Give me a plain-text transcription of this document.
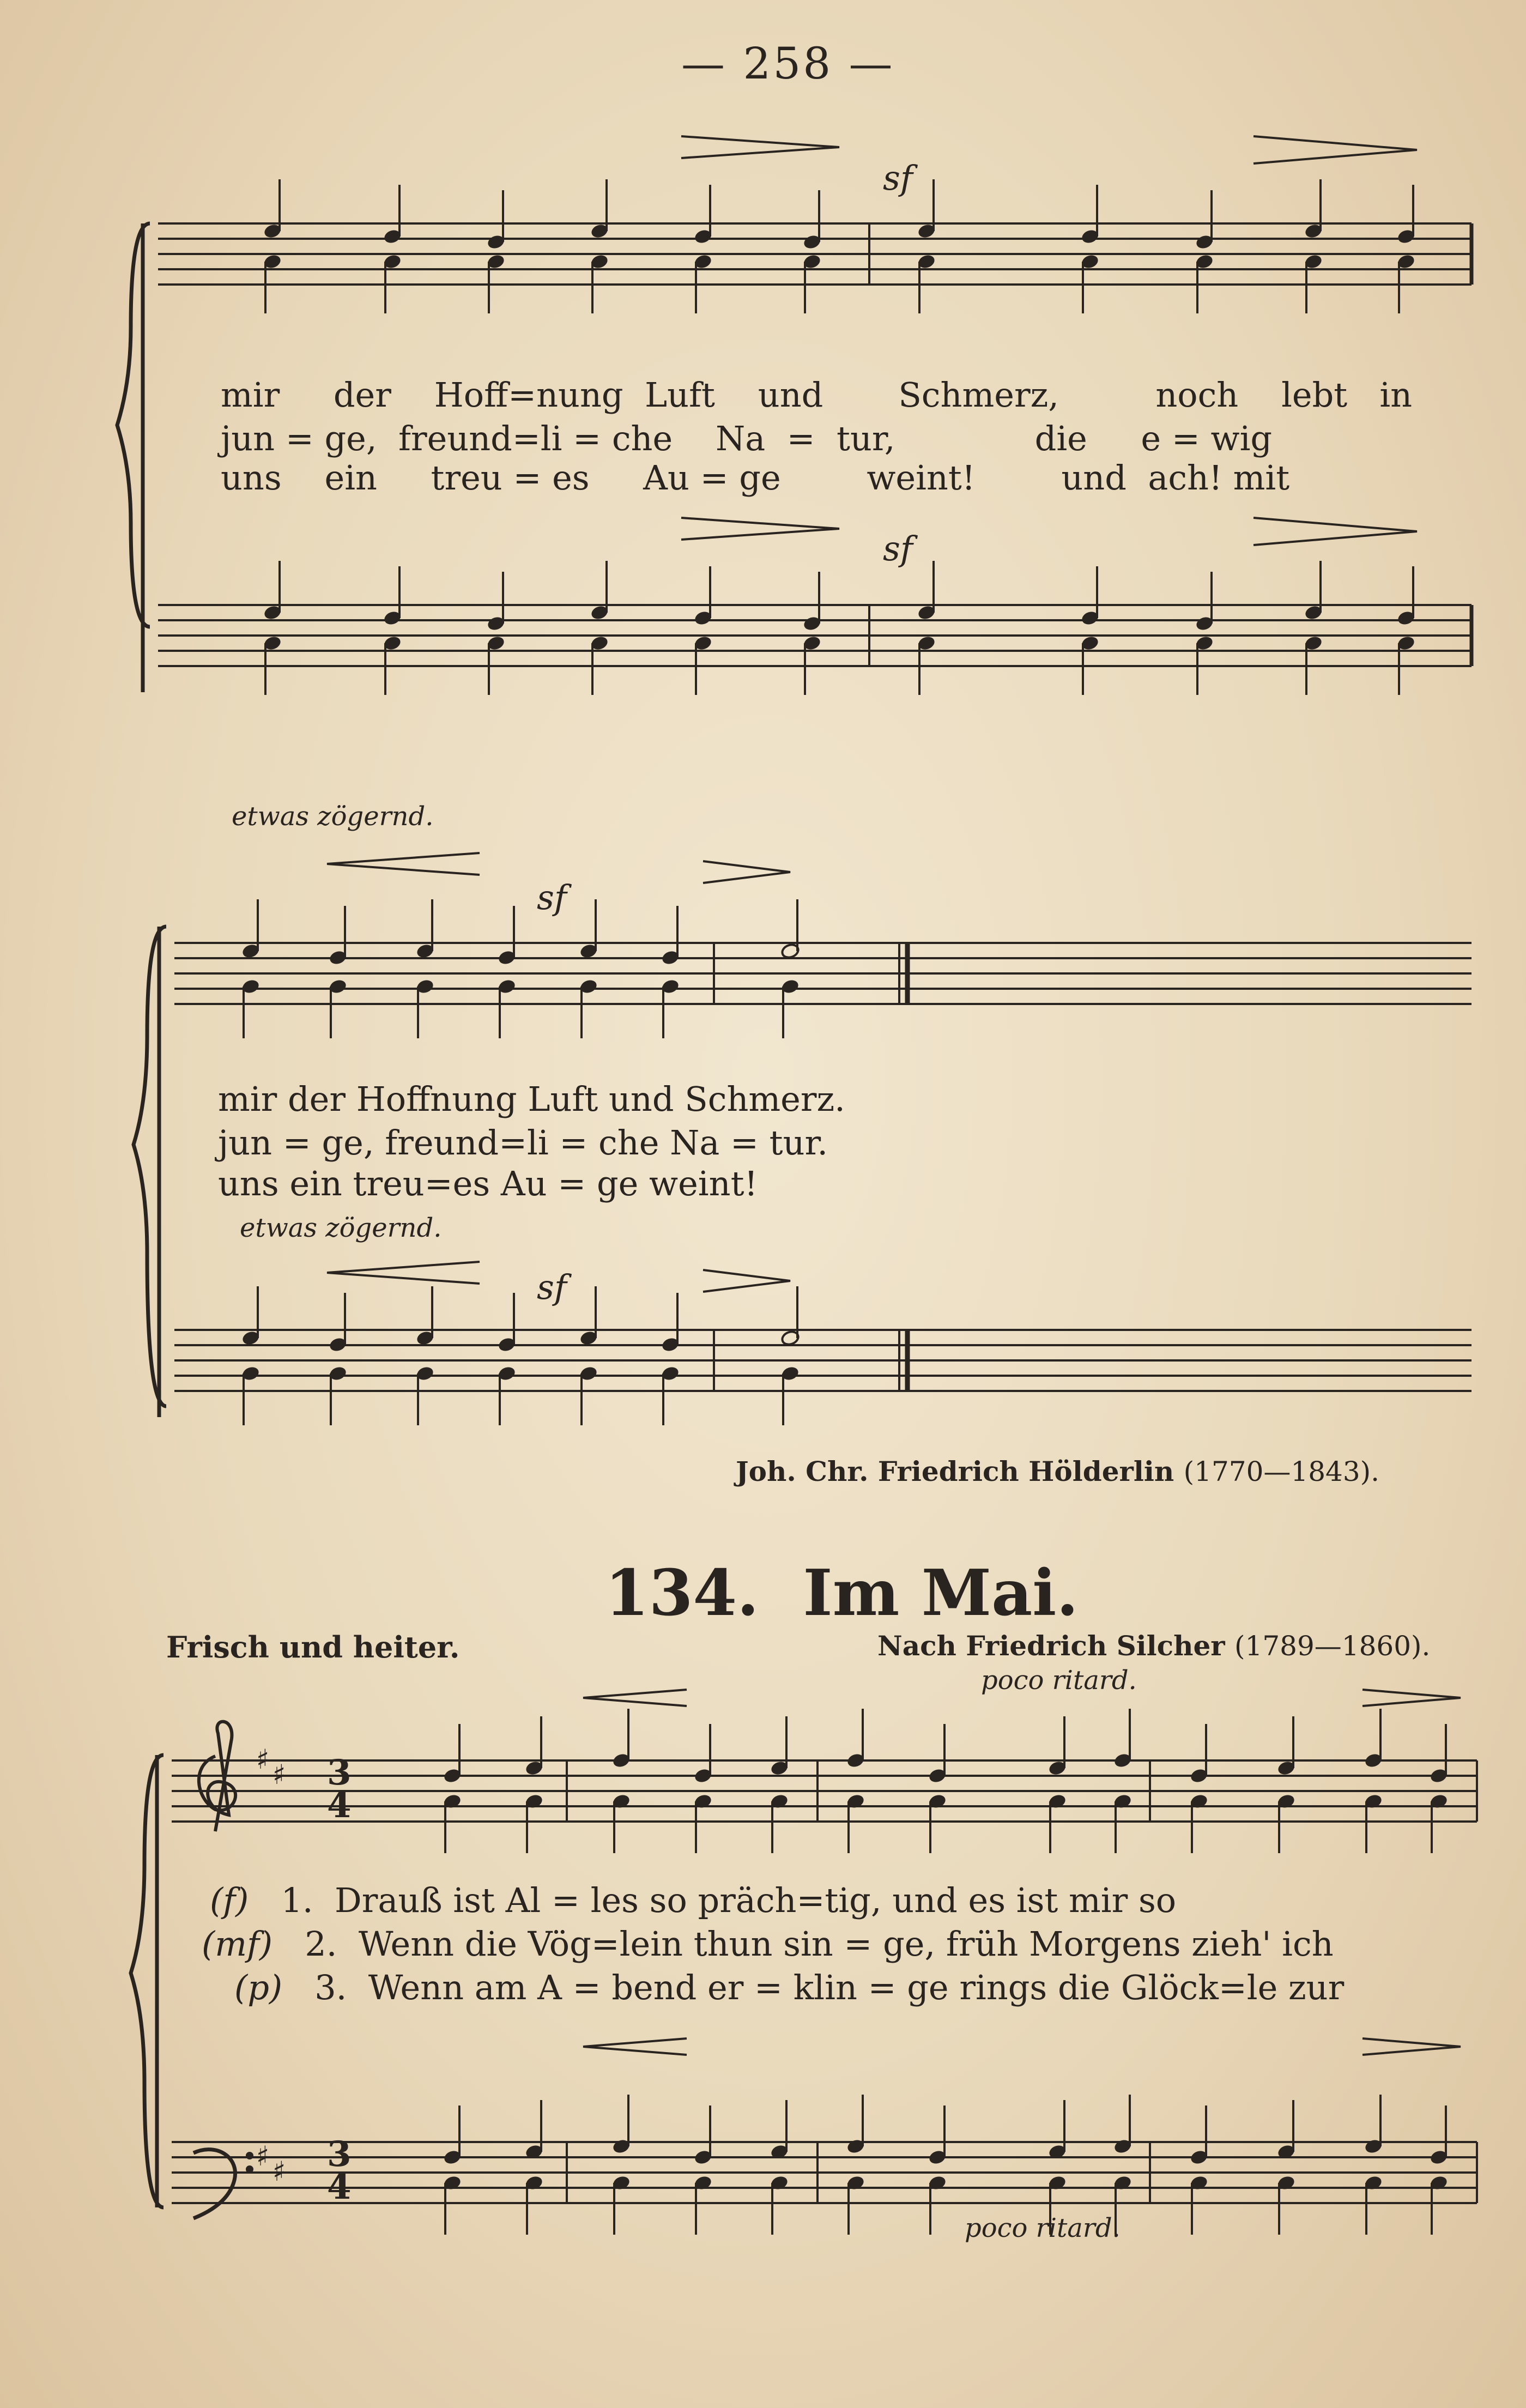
— 258 —
♯ ♯
♯ ♯
mir der Hoff=nung Luft und Schmerz,	noch lebt in
jun = ge, freund=li = che Na = tur,	die e = wig
uns ein treu = es Au = ge	weint!	und ach! mit
sf
sf
etwas zögernd.
sf
mir der Hoffnung Luft und Schmerz.
jun = ge, freund=li = che Na = tur.
uns ein treu=es Au = ge weint!
etwas zögernd.
sf
Joh. Chr. Friedrich Hölderlin (1770—1843).
134. Im Mai.
Frisch und heiter.	Nach Friedrich Silcher (1789—1860).
poco ritard.
3
4
3
4
(f) 1. Drauß ist Al = les so präch=tig, und es ist mir so
(mf) 2. Wenn die Vög=lein thun sin = ge, früh Morgens zieh' ich
(p) 3. Wenn am A = bend er = klin = ge rings die Glöck=le zur
poco ritard.
